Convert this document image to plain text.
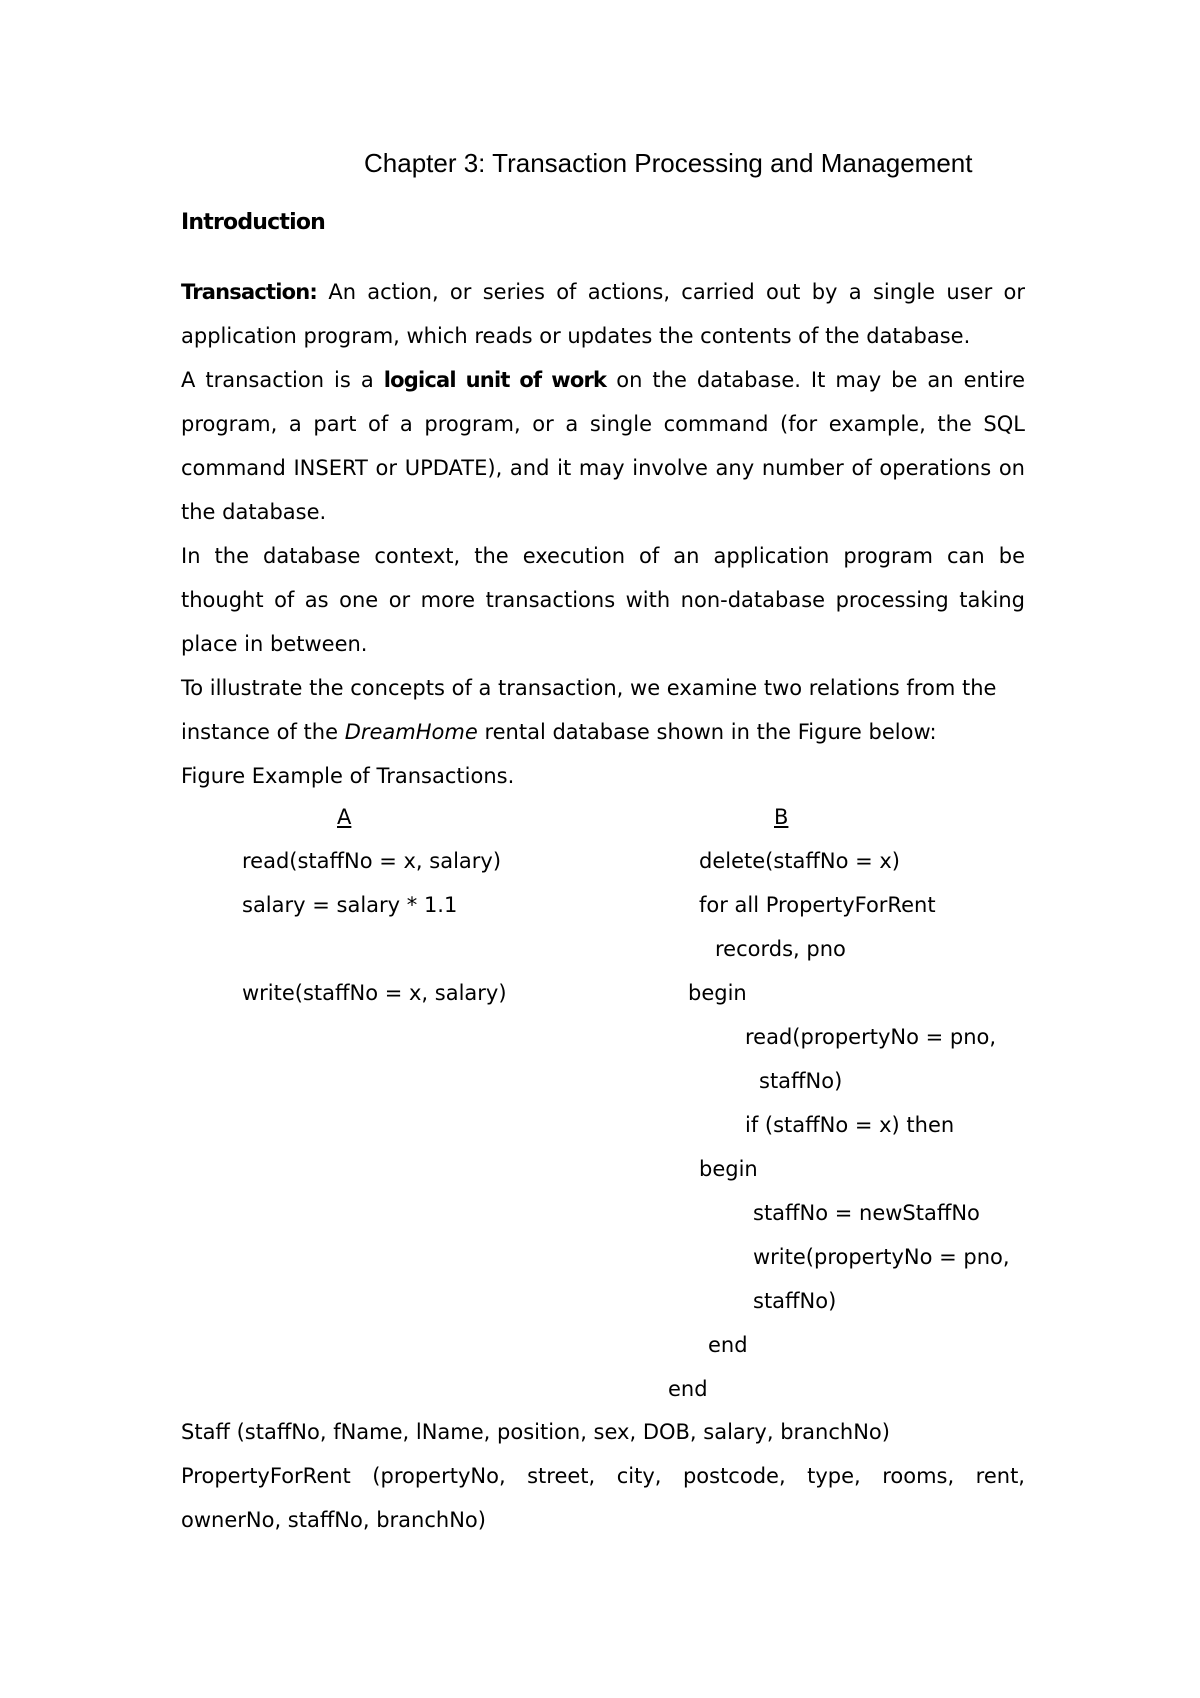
Chapter 3: Transaction Processing and Management
Introduction

Transaction: An action, or series of actions, carried out by a single user or application program, which reads or updates the contents of the database.

A transaction is a logical unit of work on the database. It may be an entire program, a part of a program, or a single command (for example, the SQL command INSERT or UPDATE), and it may involve any number of operations on the database.

In the database context, the execution of an application program can be thought of as one or more transactions with non-database processing taking place in between.

To illustrate the concepts of a transaction, we examine two relations from the

instance of the DreamHome rental database shown in the Figure below:

Figure Example of Transactions.

A
read(staffNo = x, salary)
salary = salary * 1.1
write(staffNo = x, salary)
B
delete(staffNo = x)
for all PropertyForRent
records, pno
begin
read(propertyNo = pno,
staffNo)
if (staffNo = x) then
begin
staffNo = newStaffNo
write(propertyNo = pno,
staffNo)
end
end

Staff (staffNo, fName, lName, position, sex, DOB, salary, branchNo)

PropertyForRent (propertyNo, street, city, postcode, type, rooms, rent, ownerNo, staffNo, branchNo)
